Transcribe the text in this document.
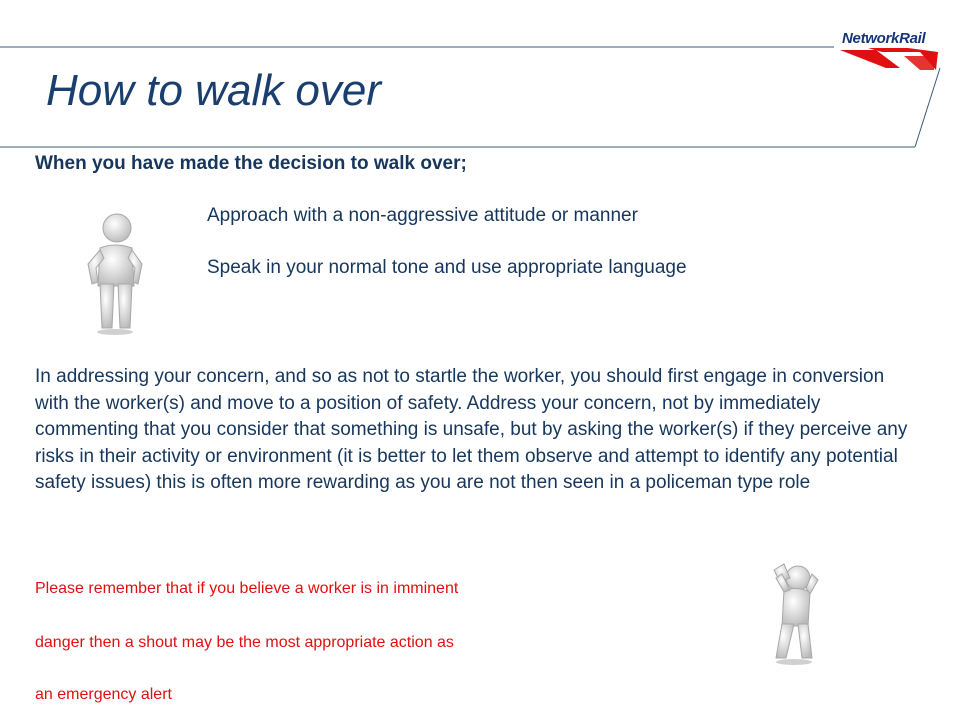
NetworkRail
How to walk over

When you have made the decision to walk over;

Approach with a non-aggressive attitude or manner

Speak in your normal tone and use appropriate language

In addressing your concern, and so as not to startle the worker, you should first engage in conversion with the worker(s) and move to a position of safety. Address your concern, not by immediately commenting that you consider that something is unsafe, but by asking the worker(s) if they perceive any risks in their activity or environment (it is better to let them observe and attempt to identify any potential safety issues) this is often more rewarding as you are not then seen in a policeman type role

Please remember that if you believe a worker is in imminent

danger then a shout may be the most appropriate action as

an emergency alert
